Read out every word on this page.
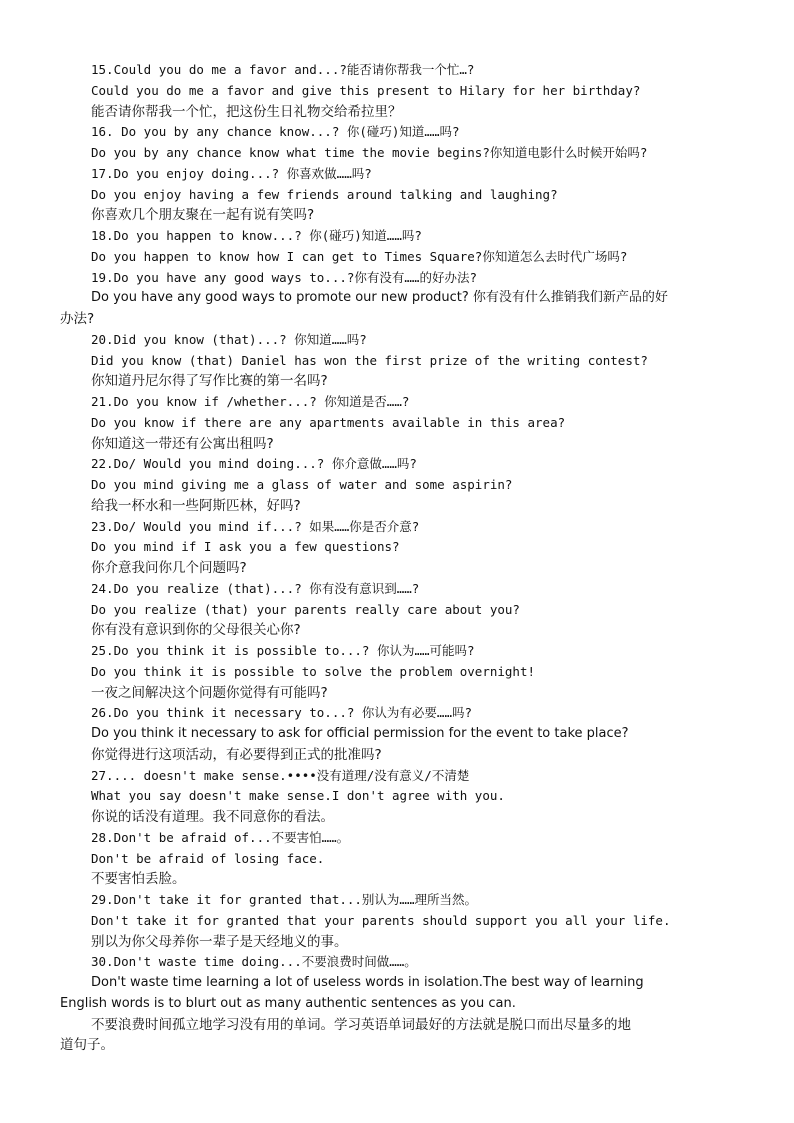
15.Could you do me a favor and...?能否请你帮我一个忙…?

Could you do me a favor and give this present to Hilary for her birthday?

能否请你帮我一个忙，把这份生日礼物交给希拉里？

16. Do you by any chance know...? 你(碰巧)知道……吗?

Do you by any chance know what time the movie begins?你知道电影什么时候开始吗?

17.Do you enjoy doing...? 你喜欢做……吗?

Do you enjoy having a few friends around talking and laughing?

你喜欢几个朋友聚在一起有说有笑吗?

18.Do you happen to know...? 你(碰巧)知道……吗?

Do you happen to know how I can get to Times Square?你知道怎么去时代广场吗?

19.Do you have any good ways to...?你有没有……的好办法?

Do you have any good ways to promote our new product? 你有没有什么推销我们新产品的好

办法?

20.Did you know (that)...? 你知道……吗?

Did you know (that) Daniel has won the first prize of the writing contest?

你知道丹尼尔得了写作比赛的第一名吗?

21.Do you know if /whether...? 你知道是否……?

Do you know if there are any apartments available in this area?

你知道这一带还有公寓出租吗?

22.Do/ Would you mind doing...? 你介意做……吗?

Do you mind giving me a glass of water and some aspirin?

给我一杯水和一些阿斯匹林，好吗?

23.Do/ Would you mind if...? 如果……你是否介意?

Do you mind if I ask you a few questions?

你介意我问你几个问题吗?

24.Do you realize (that)...? 你有没有意识到……?

Do you realize (that) your parents really care about you?

你有没有意识到你的父母很关心你?

25.Do you think it is possible to...? 你认为……可能吗?

Do you think it is possible to solve the problem overnight!

一夜之间解决这个问题你觉得有可能吗?

26.Do you think it necessary to...? 你认为有必要……吗?

Do you think it necessary to ask for official permission for the event to take place?

你觉得进行这项活动，有必要得到正式的批准吗?

27.... doesn't make sense.••••没有道理/没有意义/不清楚

What you say doesn't make sense.I don't agree with you.

你说的话没有道理。我不同意你的看法。

28.Don't be afraid of...不要害怕……。

Don't be afraid of losing face.

不要害怕丢脸。

29.Don't take it for granted that...别认为……理所当然。

Don't take it for granted that your parents should support you all your life.

别以为你父母养你一辈子是天经地义的事。

30.Don't waste time doing...不要浪费时间做……。

Don't waste time learning a lot of useless words in isolation.The best way of learning

English words is to blurt out as many authentic sentences as you can.

不要浪费时间孤立地学习没有用的单词。学习英语单词最好的方法就是脱口而出尽量多的地

道句子。
